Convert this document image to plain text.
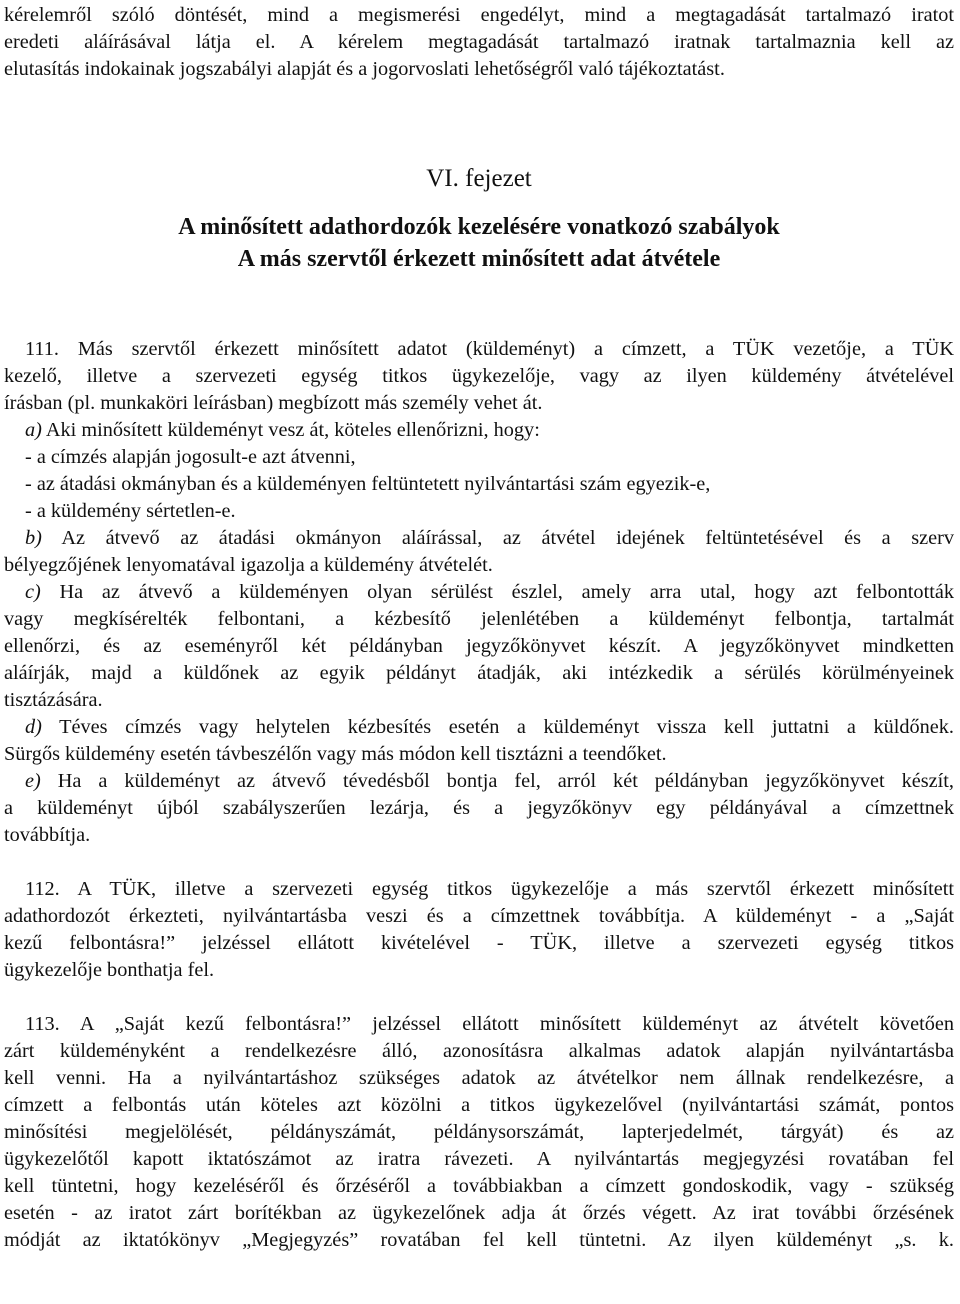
kérelemről szóló döntését, mind a megismerési engedélyt, mind a megtagadását tartalmazó iratot
eredeti aláírásával látja el. A kérelem megtagadását tartalmazó iratnak tartalmaznia kell az
elutasítás indokainak jogszabályi alapját és a jogorvoslati lehetőségről való tájékoztatást.
VI. fejezet
A minősített adathordozók kezelésére vonatkozó szabályok
A más szervtől érkezett minősített adat átvétele
111. Más szervtől érkezett minősített adatot (küldeményt) a címzett, a TÜK vezetője, a TÜK
kezelő, illetve a szervezeti egység titkos ügykezelője, vagy az ilyen küldemény átvételével
írásban (pl. munkaköri leírásban) megbízott más személy vehet át.
a) Aki minősített küldeményt vesz át, köteles ellenőrizni, hogy:
- a címzés alapján jogosult-e azt átvenni,
- az átadási okmányban és a küldeményen feltüntetett nyilvántartási szám egyezik-e,
- a küldemény sértetlen-e.
b) Az átvevő az átadási okmányon aláírással, az átvétel idejének feltüntetésével és a szerv
bélyegzőjének lenyomatával igazolja a küldemény átvételét.
c) Ha az átvevő a küldeményen olyan sérülést észlel, amely arra utal, hogy azt felbontották
vagy megkísérelték felbontani, a kézbesítő jelenlétében a küldeményt felbontja, tartalmát
ellenőrzi, és az eseményről két példányban jegyzőkönyvet készít. A jegyzőkönyvet mindketten
aláírják, majd a küldőnek az egyik példányt átadják, aki intézkedik a sérülés körülményeinek
tisztázására.
d) Téves címzés vagy helytelen kézbesítés esetén a küldeményt vissza kell juttatni a küldőnek.
Sürgős küldemény esetén távbeszélőn vagy más módon kell tisztázni a teendőket.
e) Ha a küldeményt az átvevő tévedésből bontja fel, arról két példányban jegyzőkönyvet készít,
a küldeményt újból szabályszerűen lezárja, és a jegyzőkönyv egy példányával a címzettnek
továbbítja.
112. A TÜK, illetve a szervezeti egység titkos ügykezelője a más szervtől érkezett minősített
adathordozót érkezteti, nyilvántartásba veszi és a címzettnek továbbítja. A küldeményt - a „Saját
kezű felbontásra!” jelzéssel ellátott kivételével - TÜK, illetve a szervezeti egység titkos
ügykezelője bonthatja fel.
113. A „Saját kezű felbontásra!” jelzéssel ellátott minősített küldeményt az átvételt követően
zárt küldeményként a rendelkezésre álló, azonosításra alkalmas adatok alapján nyilvántartásba
kell venni. Ha a nyilvántartáshoz szükséges adatok az átvételkor nem állnak rendelkezésre, a
címzett a felbontás után köteles azt közölni a titkos ügykezelővel (nyilvántartási számát, pontos
minősítési megjelölését, példányszámát, példánysorszámát, lapterjedelmét, tárgyát) és az
ügykezelőtől kapott iktatószámot az iratra rávezeti. A nyilvántartás megjegyzési rovatában fel
kell tüntetni, hogy kezeléséről és őrzéséről a továbbiakban a címzett gondoskodik, vagy - szükség
esetén - az iratot zárt borítékban az ügykezelőnek adja át őrzés végett. Az irat további őrzésének
módját az iktatókönyv „Megjegyzés” rovatában fel kell tüntetni. Az ilyen küldeményt „s. k.
